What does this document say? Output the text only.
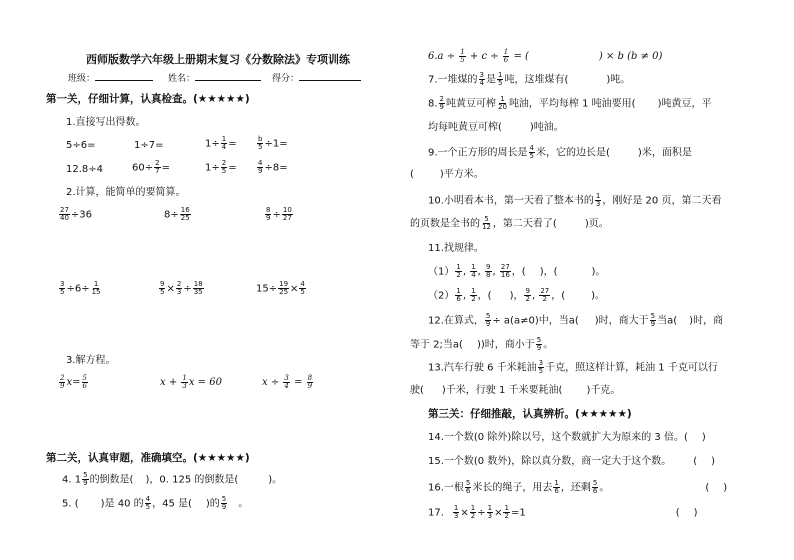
西师版数学六年级上册期末复习《分数除法》专项训练
班级：	姓名：	得分：
第一关，仔细计算，认真检查。(★★★★★)
1.直接写出得数。
5÷6=	1÷7=	$1\div \frac{1}{4}$ =	$\frac{b}{5} \div 1=$
12.8÷4	$60\div \frac{2}{7}$ =	$1\div \frac{2}{5}$ =	$\frac{4}{9} \div 8=$
2.计算，能简单的要简算。
$\frac{27}{40} \div 36$	$8\div \frac{16}{25}$	$\frac{8}{9} \div \frac{10}{27}$
$\frac{3}{5} \div 6\div \frac{1}{15}$	$\frac{9}{5} \times \frac{2}{3} \div \frac{18}{35}$	$15\div \frac{19}{25} \times \frac{4}{5}$
3.解方程。
$\frac{2}{9} x= \frac{5}{6}$	$x + \frac{1}{3}$ x = 60	$x \div \frac{3}{4} = \frac{8}{9}$
第二关，认真审题，准确填空。(★★★★★)
4. $1 \frac{5}{9}$ 的倒数是( )，0. 125 的倒数是(	)。
5. ( )是 40 的 $\frac{4}{5}$ ，45 是( )的 $\frac{5}{9}$ 。
$6.a \div \frac{1}{5} + c \div \frac{1}{6}$ = (	) × b (b ≠ 0)
7.一堆煤的 $\frac{3}{4}$ 是 $\frac{1}{5}$ 吨，这堆煤有(	)吨。
8. $\frac{2}{9}$ 吨黄豆可榨 $\frac{1}{20}$ 吨油，平均每榨 1 吨油要用( )吨黄豆，平
均每吨黄豆可榨(	)吨油。
9.一个正方形的周长是 $\frac{4}{5}$ 米，它的边长是(	)米，面积是
(	)平方米。
10.小明看本书，第一天看了整本书的 $\frac{1}{3}$ ，刚好是 20 页，第二天看
的页数是全书的 $\frac{5}{12}$ ，第二天看了(	)页。
11.找规律。
$(1) \frac{1}{2}$ , $\frac{1}{4}$ , $\frac{9}{8}$ , $\frac{27}{16}$ ，( )，(	)。
$(2) \frac{1}{6}$ , $\frac{1}{2}$ ，( )， $\frac{9}{2}$ , $\frac{27}{2}$ ，(	)。
12.在算式， $\frac{5}{9} \div a(a\ne 0)$中，当a( )时，商大于 $\frac{5}{9}$ 当a( )时，商
等于 2;当a( ))时，商小于 $\frac{5}{9}$ 。
13.汽车行驶 6 千米耗油 $\frac{3}{5}$ 千克，照这样计算，耗油 1 千克可以行
驶( )千米，行驶 1 千米要耗油( )千克。
第三关：仔细推敲，认真辨析。(★★★★★)
14.一个数(0 除外)除以号，这个数就扩大为原来的 3 倍。( )
15.一个数(0 数外)，除以真分数，商一定大于这个数。 ( )
16.一根 $\frac{5}{6}$ 米长的绳子，用去 $\frac{1}{6}$ ，还剩 $\frac{5}{6}$ 。	( )
17. $\frac{1}{3} \times \frac{1}{2} \div \frac{1}{3} \times \frac{1}{2} =1$	( )
